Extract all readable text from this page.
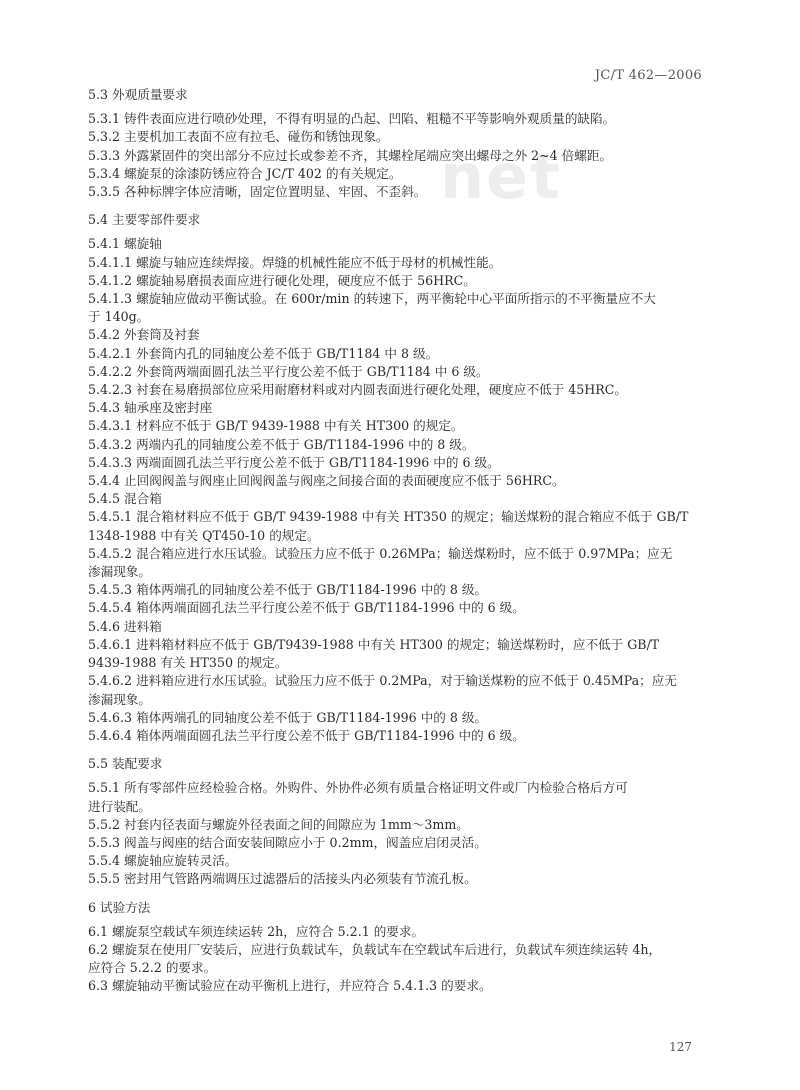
JC/T 462—2006
net
5.3 外观质量要求
5.3.1 铸件表面应进行喷砂处理，不得有明显的凸起、凹陷、粗糙不平等影响外观质量的缺陷。
5.3.2 主要机加工表面不应有拉毛、碰伤和锈蚀现象。
5.3.3 外露紧固件的突出部分不应过长或参差不齐，其螺栓尾端应突出螺母之外 2~4 倍螺距。
5.3.4 螺旋泵的涂漆防锈应符合 JC/T 402 的有关规定。
5.3.5 各种标牌字体应清晰，固定位置明显、牢固、不歪斜。
5.4 主要零部件要求
5.4.1 螺旋轴
5.4.1.1 螺旋与轴应连续焊接。焊缝的机械性能应不低于母材的机械性能。
5.4.1.2 螺旋轴易磨损表面应进行硬化处理，硬度应不低于 56HRC。
5.4.1.3 螺旋轴应做动平衡试验。在 600r/min 的转速下，两平衡轮中心平面所指示的不平衡量应不大
于 140g。
5.4.2 外套筒及衬套
5.4.2.1 外套筒内孔的同轴度公差不低于 GB/T1184 中 8 级。
5.4.2.2 外套筒两端面圆孔法兰平行度公差不低于 GB/T1184 中 6 级。
5.4.2.3 衬套在易磨损部位应采用耐磨材料或对内圆表面进行硬化处理，硬度应不低于 45HRC。
5.4.3 轴承座及密封座
5.4.3.1 材料应不低于 GB/T 9439-1988 中有关 HT300 的规定。
5.4.3.2 两端内孔的同轴度公差不低于 GB/T1184-1996 中的 8 级。
5.4.3.3 两端面圆孔法兰平行度公差不低于 GB/T1184-1996 中的 6 级。
5.4.4 止回阀阀盖与阀座止回阀阀盖与阀座之间接合面的表面硬度应不低于 56HRC。
5.4.5 混合箱
5.4.5.1 混合箱材料应不低于 GB/T 9439-1988 中有关 HT350 的规定；输送煤粉的混合箱应不低于 GB/T
1348-1988 中有关 QT450-10 的规定。
5.4.5.2 混合箱应进行水压试验。试验压力应不低于 0.26MPa；输送煤粉时，应不低于 0.97MPa；应无
渗漏现象。
5.4.5.3 箱体两端孔的同轴度公差不低于 GB/T1184-1996 中的 8 级。
5.4.5.4 箱体两端面圆孔法兰平行度公差不低于 GB/T1184-1996 中的 6 级。
5.4.6 进料箱
5.4.6.1 进料箱材料应不低于 GB/T9439-1988 中有关 HT300 的规定；输送煤粉时，应不低于 GB/T
9439-1988 有关 HT350 的规定。
5.4.6.2 进料箱应进行水压试验。试验压力应不低于 0.2MPa，对于输送煤粉的应不低于 0.45MPa；应无
渗漏现象。
5.4.6.3 箱体两端孔的同轴度公差不低于 GB/T1184-1996 中的 8 级。
5.4.6.4 箱体两端面圆孔法兰平行度公差不低于 GB/T1184-1996 中的 6 级。
5.5 装配要求
5.5.1 所有零部件应经检验合格。外购件、外协件必须有质量合格证明文件或厂内检验合格后方可
进行装配。
5.5.2 衬套内径表面与螺旋外径表面之间的间隙应为 1mm～3mm。
5.5.3 阀盖与阀座的结合面安装间隙应小于 0.2mm，阀盖应启闭灵活。
5.5.4 螺旋轴应旋转灵活。
5.5.5 密封用气管路两端调压过滤器后的活接头内必须装有节流孔板。
6 试验方法
6.1 螺旋泵空载试车须连续运转 2h，应符合 5.2.1 的要求。
6.2 螺旋泵在使用厂安装后，应进行负载试车，负载试车在空载试车后进行，负载试车须连续运转 4h，
应符合 5.2.2 的要求。
6.3 螺旋轴动平衡试验应在动平衡机上进行，并应符合 5.4.1.3 的要求。
127
